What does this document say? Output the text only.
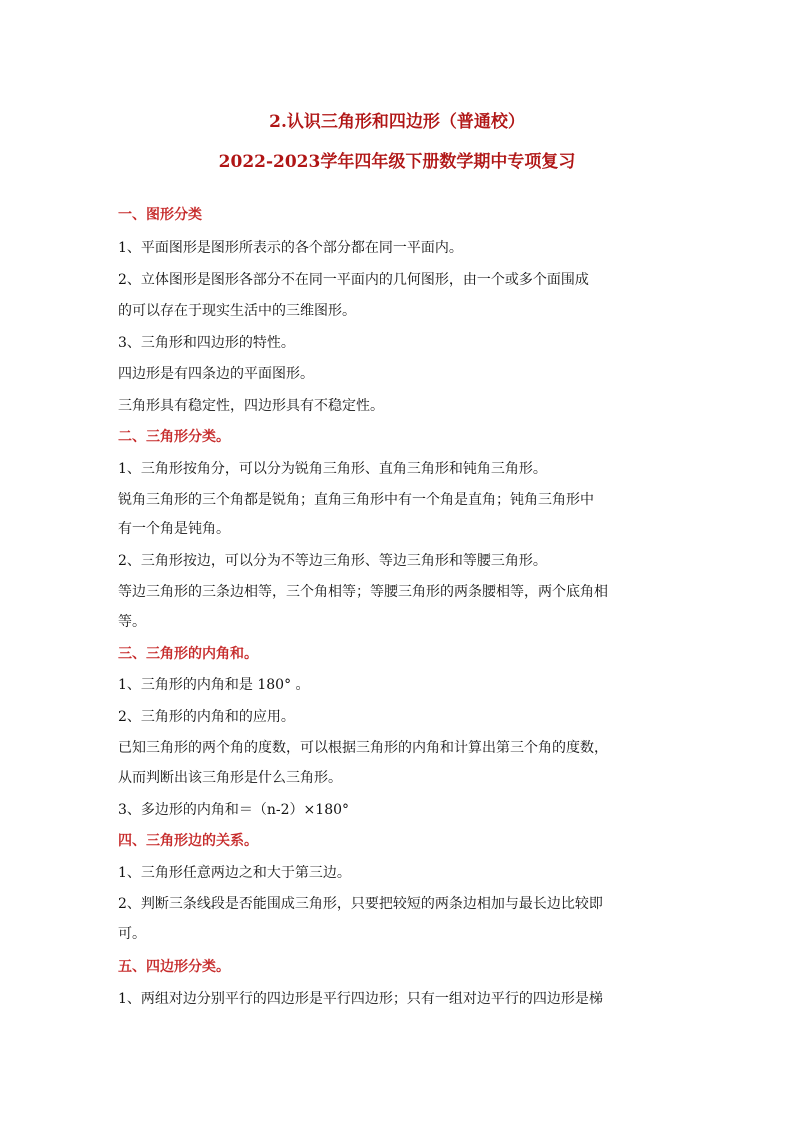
2.认识三角形和四边形（普通校）
2022-2023学年四年级下册数学期中专项复习
一、图形分类
1、平面图形是图形所表示的各个部分都在同一平面内。
2、立体图形是图形各部分不在同一平面内的几何图形，由一个或多个面围成
的可以存在于现实生活中的三维图形。
3、三角形和四边形的特性。
四边形是有四条边的平面图形。
三角形具有稳定性，四边形具有不稳定性。
二、三角形分类。
1、三角形按角分，可以分为锐角三角形、直角三角形和钝角三角形。
锐角三角形的三个角都是锐角；直角三角形中有一个角是直角；钝角三角形中
有一个角是钝角。
2、三角形按边，可以分为不等边三角形、等边三角形和等腰三角形。
等边三角形的三条边相等，三个角相等；等腰三角形的两条腰相等，两个底角相
等。
三、三角形的内角和。
1、三角形的内角和是 180° 。
2、三角形的内角和的应用。
已知三角形的两个角的度数，可以根据三角形的内角和计算出第三个角的度数，
从而判断出该三角形是什么三角形。
3、多边形的内角和＝（n-2）×180°
四、三角形边的关系。
1、三角形任意两边之和大于第三边。
2、判断三条线段是否能围成三角形，只要把较短的两条边相加与最长边比较即
可。
五、四边形分类。
1、两组对边分别平行的四边形是平行四边形；只有一组对边平行的四边形是梯
